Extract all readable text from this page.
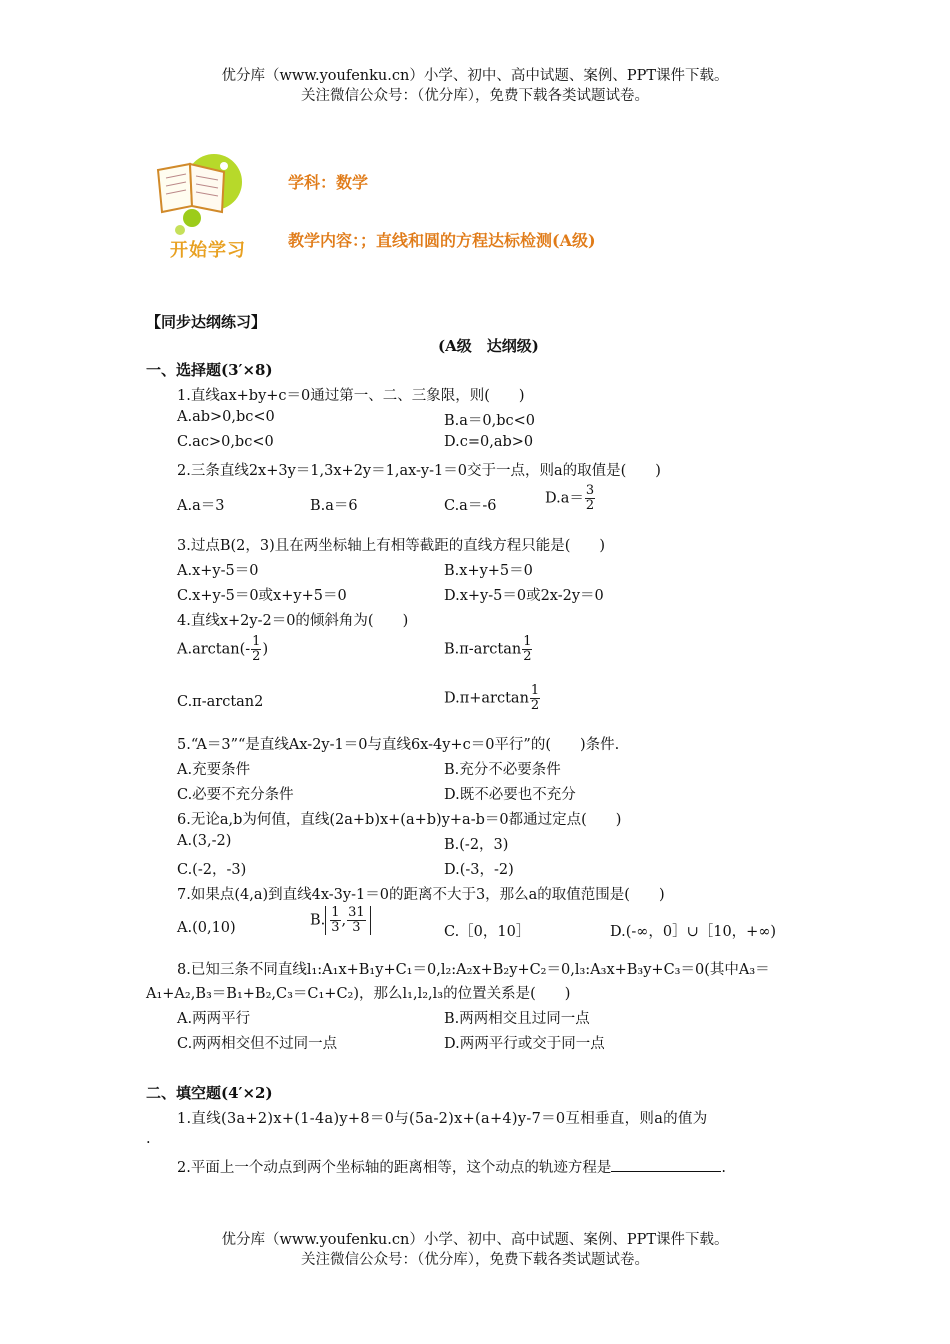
优分库（www.youfenku.cn）小学、初中、高中试题、案例、PPT课件下载。
关注微信公众号：（优分库），免费下载各类试题试卷。
开始学习
学科：数学
教学内容：；直线和圆的方程达标检测(A级)
【同步达纲练习】
(A级　达纲级)
一、选择题(3′×8)
1.直线ax+by+c＝0通过第一、二、三象限，则(　　)
A.ab>0,bc<0	B.a＝0,bc<0
C.ac>0,bc<0	D.c=0,ab>0
2.三条直线2x+3y＝1,3x+2y＝1,ax-y-1＝0交于一点，则a的取值是(　　)
A.a＝3	B.a＝6	C.a＝-6	$D.a= \frac{3}{2}$
3.过点B(2，3)且在两坐标轴上有相等截距的直线方程只能是(　　)
A.x+y-5＝0	B.x+y+5＝0
C.x+y-5＝0或x+y+5＝0	D.x+y-5＝0或2x-2y＝0
4.直线x+2y-2＝0的倾斜角为(　　)
$A.\arctan(- \frac{1}{2}$ )	$B.\pi-\arctan \frac{1}{2}$
C.π-arctan2	$D.\pi+\arctan \frac{1}{2}$
5.“A＝3”“是直线Ax-2y-1＝0与直线6x-4y+c＝0平行”的(　　)条件.
A.充要条件	B.充分不必要条件
C.必要不充分条件	D.既不必要也不充分
6.无论a,b为何值，直线(2a+b)x+(a+b)y+a-b＝0都通过定点(　　)
A.(3,-2)	B.(-2，3)
C.(-2，-3)	D.(-3，-2)
7.如果点(4,a)到直线4x-3y-1＝0的距离不大于3，那么a的取值范围是(　　)
A.(0,10)	B. $\frac{1}{3}$ , $\frac{31}{3}$	C.［0，10］	D.(-∞，0］∪［10，+∞)
8.已知三条不同直线l₁:A₁x+B₁y+C₁＝0,l₂:A₂x+B₂y+C₂＝0,l₃:A₃x+B₃y+C₃＝0(其中A₃＝
A₁+A₂,B₃＝B₁+B₂,C₃＝C₁+C₂)，那么l₁,l₂,l₃的位置关系是(　　)
A.两两平行	B.两两相交且过同一点
C.两两相交但不过同一点	D.两两平行或交于同一点
二、填空题(4′×2)
1.直线(3a+2)x+(1-4a)y+8＝0与(5a-2)x+(a+4)y-7＝0互相垂直，则a的值为
.
2.平面上一个动点到两个坐标轴的距离相等，这个动点的轨迹方程是	.
优分库（www.youfenku.cn）小学、初中、高中试题、案例、PPT课件下载。
关注微信公众号：（优分库），免费下载各类试题试卷。
